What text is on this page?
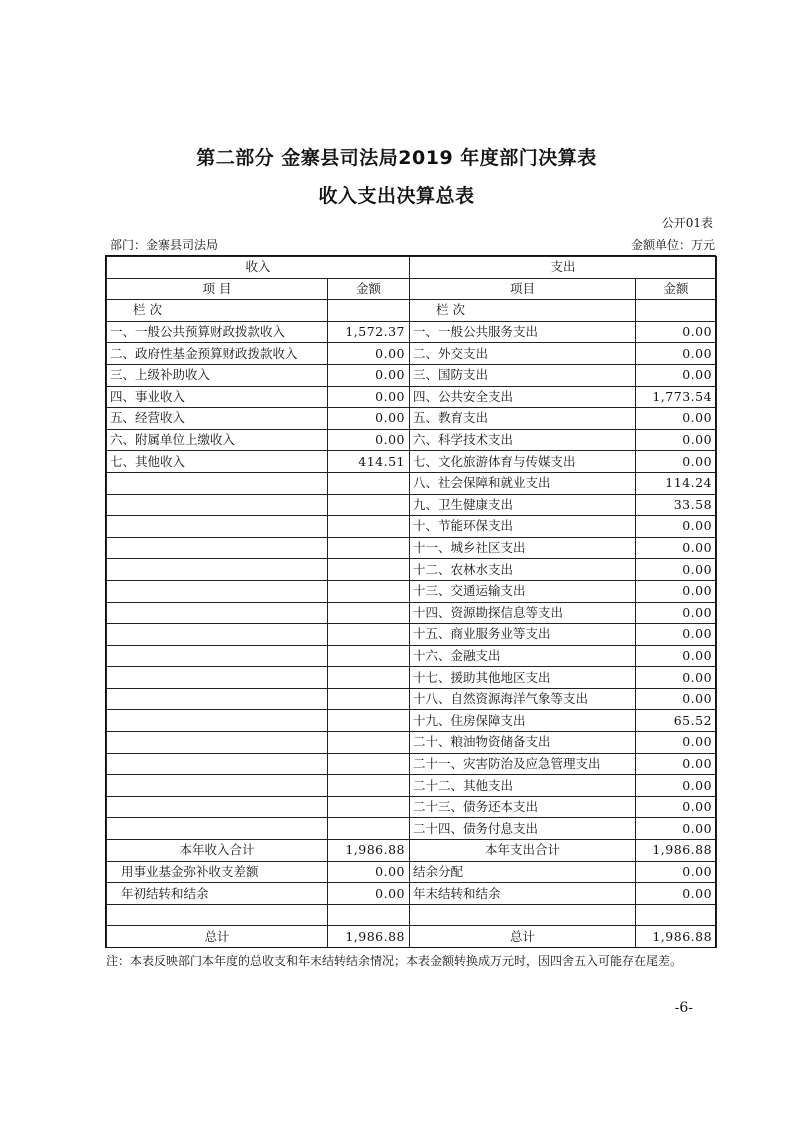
第二部分 金寨县司法局2019 年度部门决算表
收入支出决算总表
公开01表
部门：金寨县司法局	金额单位：万元
收入		支出	
项 目	金额	项目	金额
栏 次		栏 次	
一、一般公共预算财政拨款收入	1,572.37	一、一般公共服务支出	0.00
二、政府性基金预算财政拨款收入	0.00	二、外交支出	0.00
三、上级补助收入	0.00	三、国防支出	0.00
四、事业收入	0.00	四、公共安全支出	1,773.54
五、经营收入	0.00	五、教育支出	0.00
六、附属单位上缴收入	0.00	六、科学技术支出	0.00
七、其他收入	414.51	七、文化旅游体育与传媒支出	0.00
		八、社会保障和就业支出	114.24
		九、卫生健康支出	33.58
		十、节能环保支出	0.00
		十一、城乡社区支出	0.00
		十二、农林水支出	0.00
		十三、交通运输支出	0.00
		十四、资源勘探信息等支出	0.00
		十五、商业服务业等支出	0.00
		十六、金融支出	0.00
		十七、援助其他地区支出	0.00
		十八、自然资源海洋气象等支出	0.00
		十九、住房保障支出	65.52
		二十、粮油物资储备支出	0.00
		二十一、灾害防治及应急管理支出	0.00
		二十二、其他支出	0.00
		二十三、债务还本支出	0.00
		二十四、债务付息支出	0.00
本年收入合计	1,986.88	本年支出合计	1,986.88
用事业基金弥补收支差额	0.00	结余分配	0.00
年初结转和结余	0.00	年末结转和结余	0.00

总计	1,986.88	总计	1,986.88
注：本表反映部门本年度的总收支和年末结转结余情况；本表金额转换成万元时，因四舍五入可能存在尾差。
-6-
